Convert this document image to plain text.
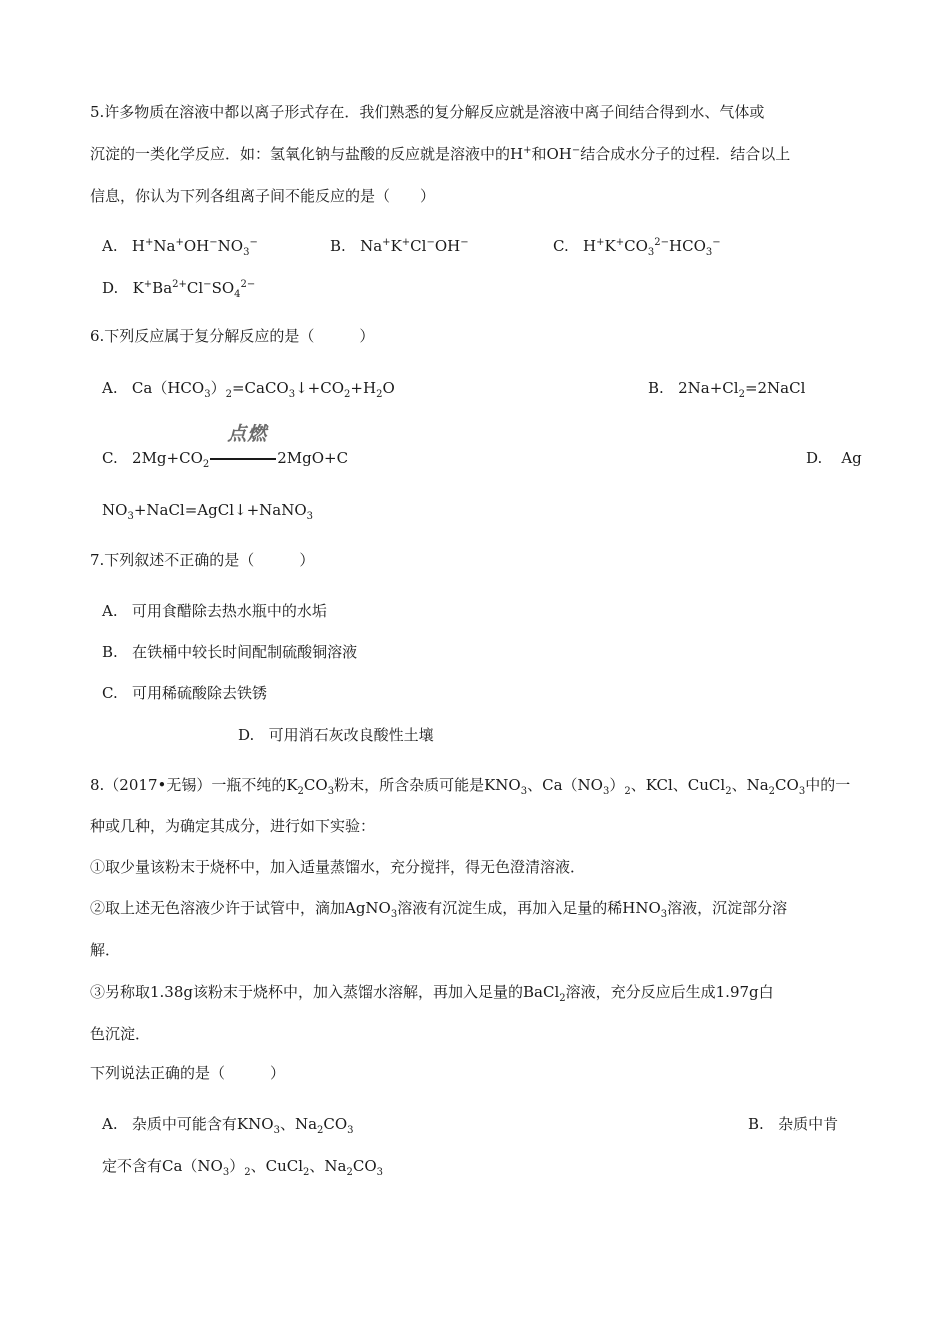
5.许多物质在溶液中都以离子形式存在．我们熟悉的复分解反应就是溶液中离子间结合得到水、气体或
沉淀的一类化学反应．如：氢氧化钠与盐酸的反应就是溶液中的H+和OH−结合成水分子的过程．结合以上
信息，你认为下列各组离子间不能反应的是（　　）
A.   $H^+Na^+OH^-NO_3^-$	B.   Na+K+Cl−OH−	C.   $H^+K^+CO_3^{2-}HCO_3^-$
D.   $K^+Ba^{2+}Cl^-SO_4^{2-}$
6.下列反应属于复分解反应的是（　　　）
A.   $Ca(HCO_3)_2=CaCO_3↓+CO_2+H_2O$	B.   $2Na+Cl_2=2NaCl$
C.   $2Mg+CO_2$
点燃
2MgO+C	D. Ag
$NO_3+NaCl=AgCl↓+NaNO_3$
7.下列叙述不正确的是（　　　）
A. 可用食醋除去热水瓶中的水垢
B. 在铁桶中较长时间配制硫酸铜溶液
C. 可用稀硫酸除去铁锈
D. 可用消石灰改良酸性土壤
8.（2017•无锡）一瓶不纯的$K_2CO_3$粉末，所含杂质可能是$KNO_3$、$Ca(NO_3)_2$、KCl、CuCl$_2$、$Na_2CO_3$中的一
种或几种，为确定其成分，进行如下实验：
①取少量该粉末于烧杯中，加入适量蒸馏水，充分搅拌，得无色澄清溶液．
②取上述无色溶液少许于试管中，滴加AgNO$_3$溶液有沉淀生成，再加入足量的稀$HNO_3$溶液，沉淀部分溶
解．
③另称取1.38g该粉末于烧杯中，加入蒸馏水溶解，再加入足量的BaCl$_2$溶液，充分反应后生成1.97g白
色沉淀．
下列说法正确的是（　　　）
A. 杂质中可能含有$KNO_3$、$Na_2CO_3$	B. 杂质中肯
定不含有$Ca(NO_3)_2$、CuCl$_2$、$Na_2CO_3$
